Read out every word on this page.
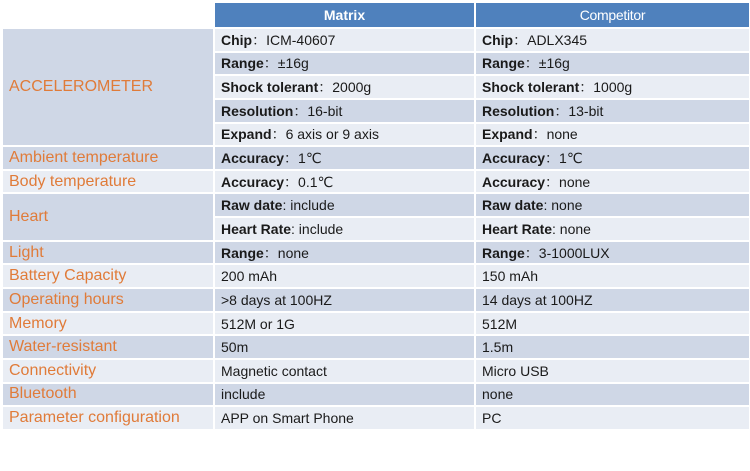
	Matrix	Competitor
ACCELEROMETER	Chip：ICM-40607	Chip：ADLX345
	Range：±16g	Range：±16g
	Shock tolerant：2000g	Shock tolerant：1000g
	Resolution：16-bit	Resolution：13-bit
	Expand：6 axis or 9 axis	Expand：none
Ambient temperature	Accuracy：1℃	Accuracy：1℃
Body temperature	Accuracy：0.1℃	Accuracy：none
Heart	Raw date: include	Raw date: none
	Heart Rate: include	Heart Rate: none
Light	Range：none	Range：3-1000LUX
Battery Capacity	200 mAh	150 mAh
Operating hours	>8 days at 100HZ	14 days at 100HZ
Memory	512M or 1G	512M
Water-resistant	50m	1.5m
Connectivity	Magnetic contact	Micro USB
Bluetooth	include	none
Parameter configuration	APP on Smart Phone	PC
